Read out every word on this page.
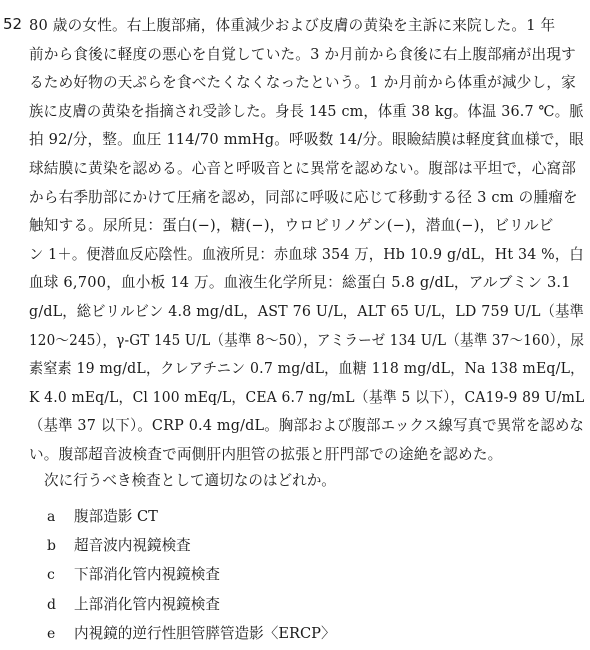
52 80 歳の女性。右上腹部痛，体重減少および皮膚の黄染を主訴に来院した。1 年
前から食後に軽度の悪心を自覚していた。3 か月前から食後に右上腹部痛が出現す
るため好物の天ぷらを食べたくなくなったという。1 か月前から体重が減少し，家
族に皮膚の黄染を指摘され受診した。身長 145 cm，体重 38 kg。体温 36.7 ℃。脈
拍 92/分，整。血圧 114/70 mmHg。呼吸数 14/分。眼瞼結膜は軽度貧血様で，眼
球結膜に黄染を認める。心音と呼吸音とに異常を認めない。腹部は平坦で，心窩部
から右季肋部にかけて圧痛を認め，同部に呼吸に応じて移動する径 3 cm の腫瘤を
触知する。尿所見：蛋白(−)，糖(−)，ウロビリノゲン(−)，潜血(−)，ビリルビ
ン 1＋。便潜血反応陰性。血液所見：赤血球 354 万，Hb 10.9 g/dL，Ht 34 %，白
血球 6,700，血小板 14 万。血液生化学所見：総蛋白 5.8 g/dL，アルブミン 3.1
g/dL，総ビリルビン 4.8 mg/dL，AST 76 U/L，ALT 65 U/L，LD 759 U/L（基準
120〜245），γ-GT 145 U/L（基準 8〜50），アミラーゼ 134 U/L（基準 37〜160），尿
素窒素 19 mg/dL，クレアチニン 0.7 mg/dL，血糖 118 mg/dL，Na 138 mEq/L，
K 4.0 mEq/L，Cl 100 mEq/L，CEA 6.7 ng/mL（基準 5 以下），CA19-9 89 U/mL
（基準 37 以下）。CRP 0.4 mg/dL。胸部および腹部エックス線写真で異常を認めな
い。腹部超音波検査で両側肝内胆管の拡張と肝門部での途絶を認めた。

次に行うべき検査として適切なのはどれか。

a 腹部造影 CT
b 超音波内視鏡検査
c 下部消化管内視鏡検査
d 上部消化管内視鏡検査
e 内視鏡的逆行性胆管膵管造影〈ERCP〉
